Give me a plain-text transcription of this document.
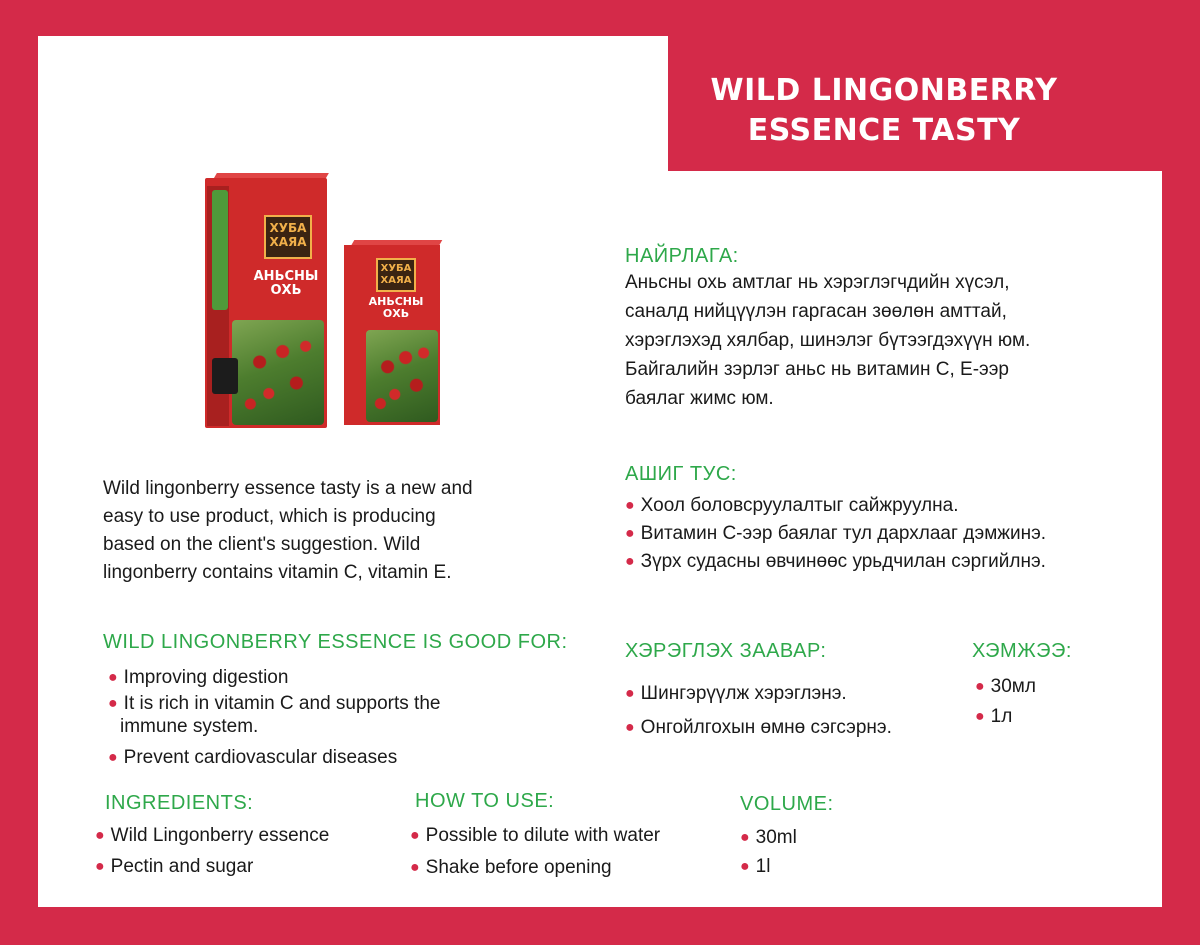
WILD LINGONBERRY
ESSENCE TASTY
ХУБА ХАЯА
АНЬСНЫ ОХЬ
ХУБА ХАЯА
АНЬСНЫ ОХЬ
НАЙРЛАГА:
Аньсны охь амтлаг нь хэрэглэгчдийн хүсэл,
саналд нийцүүлэн гаргасан зөөлөн амттай,
хэрэглэхэд хялбар, шинэлэг бүтээгдэхүүн юм.
Байгалийн зэрлэг аньс нь витамин С, Е-ээр
баялаг жимс юм.
АШИГ ТУС:
● Хоол боловсруулалтыг сайжруулна.
● Витамин С-ээр баялаг тул дархлааг дэмжинэ.
● Зүрх судасны өвчинөөс урьдчилан сэргийлнэ.
Wild lingonberry essence tasty is a new and
easy to use product, which is producing
based on the client's suggestion. Wild
lingonberry contains vitamin C, vitamin E.
WILD LINGONBERRY ESSENCE IS GOOD FOR:
● Improving digestion
● It is rich in vitamin C and supports the
immune system.
● Prevent cardiovascular diseases
ХЭРЭГЛЭХ ЗААВАР:
● Шингэрүүлж хэрэглэнэ.
● Онгойлгохын өмнө сэгсэрнэ.
ХЭМЖЭЭ:
● 30мл
● 1л
INGREDIENTS:
● Wild Lingonberry essence
● Pectin and sugar
HOW TO USE:
● Possible to dilute with water
● Shake before opening
VOLUME:
● 30ml
● 1l
